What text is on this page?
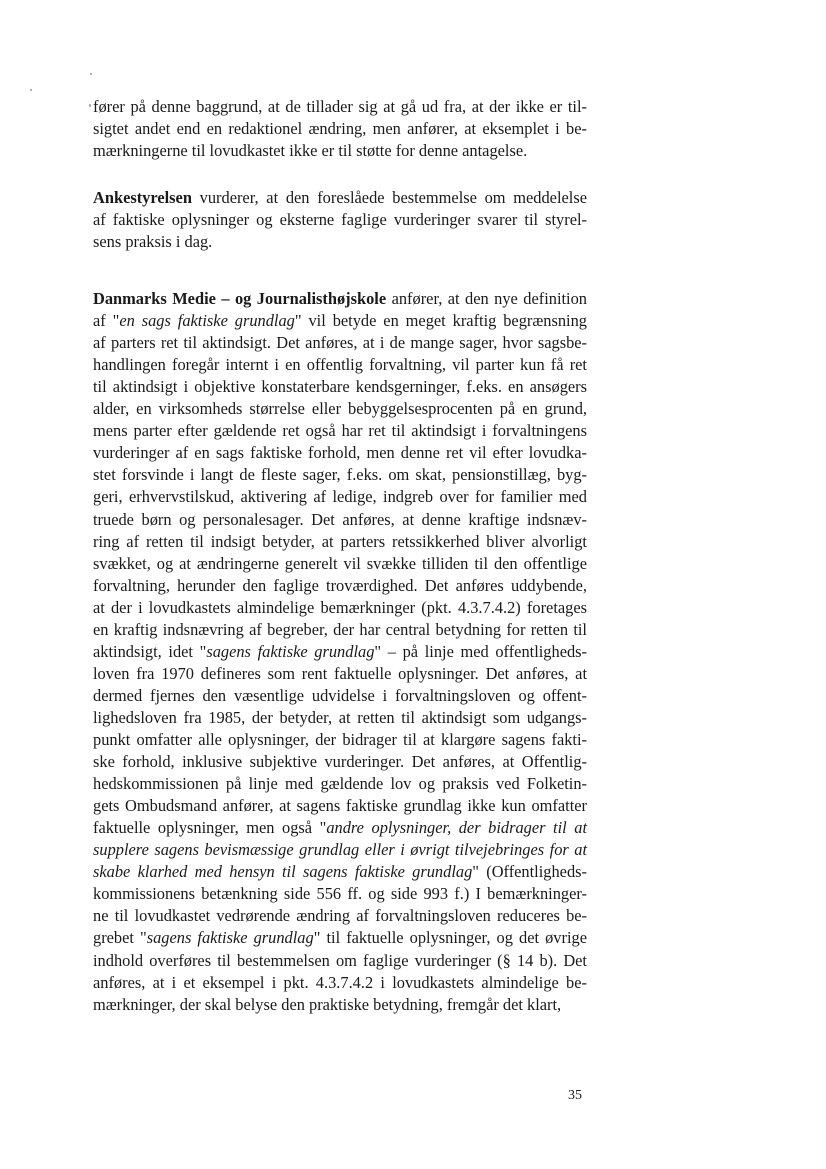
fører på denne baggrund, at de tillader sig at gå ud fra, at der ikke er til-
sigtet andet end en redaktionel ændring, men anfører, at eksemplet i be-
mærkningerne til lovudkastet ikke er til støtte for denne antagelse.
Ankestyrelsen vurderer, at den foreslåede bestemmelse om meddelelse
af faktiske oplysninger og eksterne faglige vurderinger svarer til styrel-
sens praksis i dag.
Danmarks Medie – og Journalisthøjskole anfører, at den nye definition
af "en sags faktiske grundlag" vil betyde en meget kraftig begrænsning
af parters ret til aktindsigt. Det anføres, at i de mange sager, hvor sagsbe-
handlingen foregår internt i en offentlig forvaltning, vil parter kun få ret
til aktindsigt i objektive konstaterbare kendsgerninger, f.eks. en ansøgers
alder, en virksomheds størrelse eller bebyggelsesprocenten på en grund,
mens parter efter gældende ret også har ret til aktindsigt i forvaltningens
vurderinger af en sags faktiske forhold, men denne ret vil efter lovudka-
stet forsvinde i langt de fleste sager, f.eks. om skat, pensionstillæg, byg-
geri, erhvervstilskud, aktivering af ledige, indgreb over for familier med
truede børn og personalesager. Det anføres, at denne kraftige indsnæv-
ring af retten til indsigt betyder, at parters retssikkerhed bliver alvorligt
svækket, og at ændringerne generelt vil svække tilliden til den offentlige
forvaltning, herunder den faglige troværdighed. Det anføres uddybende,
at der i lovudkastets almindelige bemærkninger (pkt. 4.3.7.4.2) foretages
en kraftig indsnævring af begreber, der har central betydning for retten til
aktindsigt, idet "sagens faktiske grundlag" – på linje med offentligheds-
loven fra 1970 defineres som rent faktuelle oplysninger. Det anføres, at
dermed fjernes den væsentlige udvidelse i forvaltningsloven og offent-
lighedsloven fra 1985, der betyder, at retten til aktindsigt som udgangs-
punkt omfatter alle oplysninger, der bidrager til at klargøre sagens fakti-
ske forhold, inklusive subjektive vurderinger. Det anføres, at Offentlig-
hedskommissionen på linje med gældende lov og praksis ved Folketin-
gets Ombudsmand anfører, at sagens faktiske grundlag ikke kun omfatter
faktuelle oplysninger, men også "andre oplysninger, der bidrager til at
supplere sagens bevismæssige grundlag eller i øvrigt tilvejebringes for at
skabe klarhed med hensyn til sagens faktiske grundlag" (Offentligheds-
kommissionens betænkning side 556 ff. og side 993 f.) I bemærkninger-
ne til lovudkastet vedrørende ændring af forvaltningsloven reduceres be-
grebet "sagens faktiske grundlag" til faktuelle oplysninger, og det øvrige
indhold overføres til bestemmelsen om faglige vurderinger (§ 14 b). Det
anføres, at i et eksempel i pkt. 4.3.7.4.2 i lovudkastets almindelige be-
mærkninger, der skal belyse den praktiske betydning, fremgår det klart,
35
